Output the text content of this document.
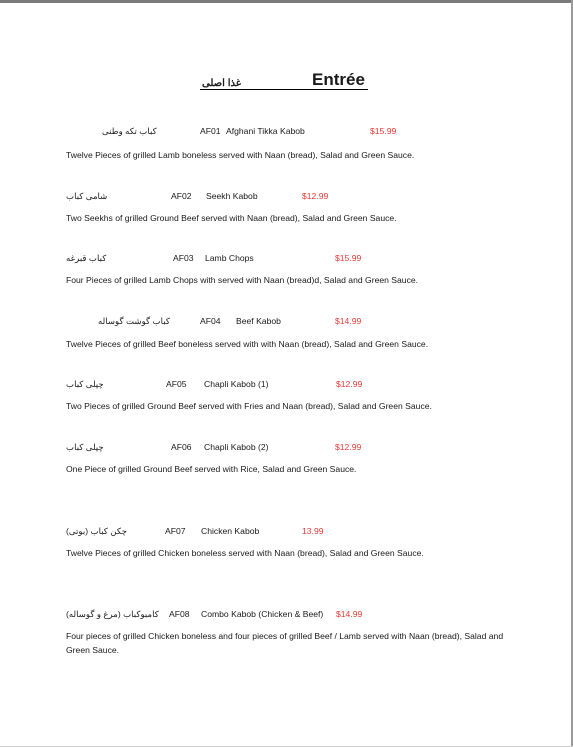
غذا اصلی	Entrée
کباب تکه وطنی	AF01 Afghani Tikka Kabob	$15.99
Twelve Pieces of grilled Lamb boneless served with Naan (bread), Salad and Green Sauce.
شامی کباب	AF02 Seekh Kabob	$12.99
Two Seekhs of grilled Ground Beef served with Naan (bread), Salad and Green Sauce.
کباب قبرغه	AF03 Lamb Chops	$15.99
Four Pieces of grilled Lamb Chops with served with Naan (bread)d, Salad and Green Sauce.
کباب گوشت گوساله	AF04 Beef Kabob	$14.99
Twelve Pieces of grilled Beef boneless served with with Naan (bread), Salad and Green Sauce.
چپلی کباب	AF05 Chapli Kabob (1)	$12.99
Two Pieces of grilled Ground Beef served with Fries and Naan (bread), Salad and Green Sauce.
چپلی کباب	AF06 Chapli Kabob (2)	$12.99
One Piece of grilled Ground Beef served with Rice, Salad and Green Sauce.
چکن کباب (بوتی)	AF07 Chicken Kabob	13.99
Twelve Pieces of grilled Chicken boneless served with Naan (bread), Salad and Green Sauce.
کامبوکباب (مرغ و گوساله) AF08 Combo Kabob (Chicken & Beef) $14.99
Four pieces of grilled Chicken boneless and four pieces of grilled Beef / Lamb served with Naan (bread), Salad and Green Sauce.
